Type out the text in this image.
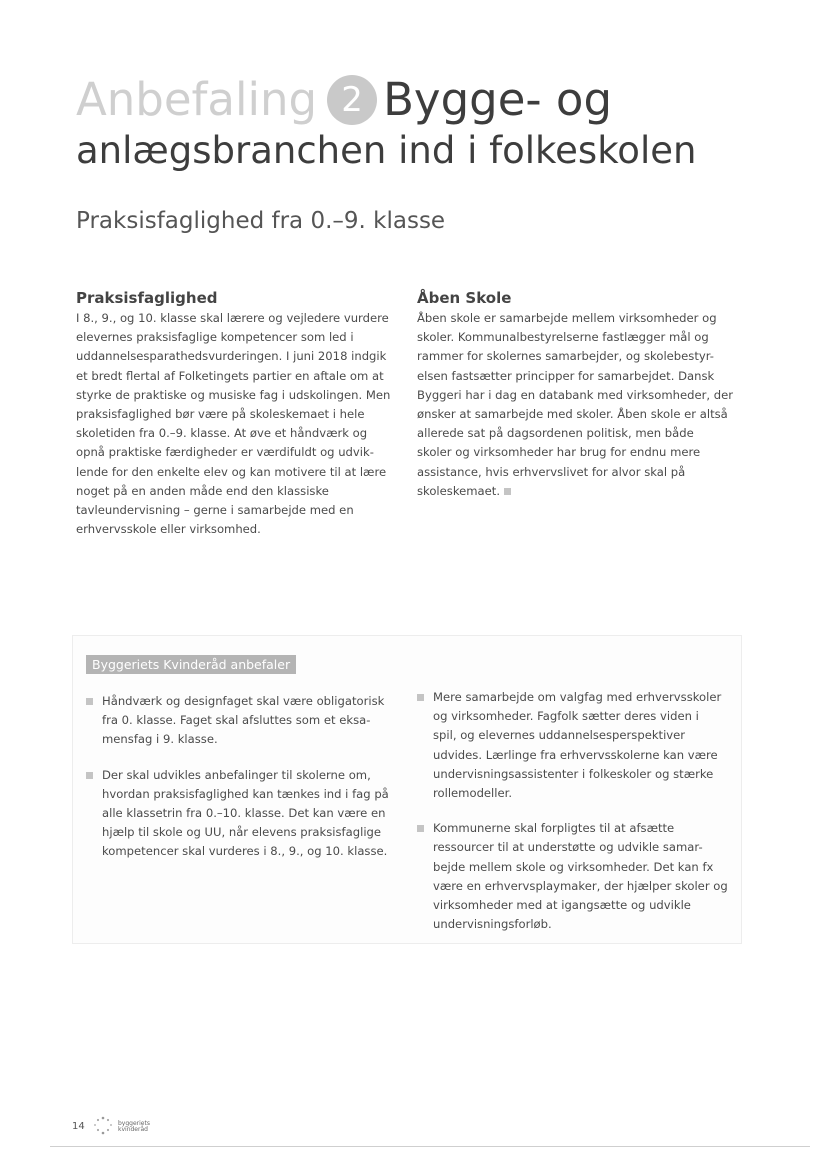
Anbefaling 2 Bygge- og
anlægsbranchen ind i folkeskolen
Praksisfaglighed fra 0.–9. klasse
Praksisfaglighed
I 8., 9., og 10. klasse skal lærere og vejledere vurdere
elevernes praksisfaglige kompetencer som led i
uddannelsesparathedsvurderingen. I juni 2018 indgik
et bredt flertal af Folketingets partier en aftale om at
styrke de praktiske og musiske fag i udskolingen. Men
praksisfaglighed bør være på skoleskemaet i hele
skoletiden fra 0.–9. klasse. At øve et håndværk og
opnå praktiske færdigheder er værdifuldt og udvik-
lende for den enkelte elev og kan motivere til at lære
noget på en anden måde end den klassiske
tavleundervisning – gerne i samarbejde med en
erhvervsskole eller virksomhed.
Åben Skole
Åben skole er samarbejde mellem virksomheder og
skoler. Kommunalbestyrelserne fastlægger mål og
rammer for skolernes samarbejder, og skolebestyr-
elsen fastsætter principper for samarbejdet. Dansk
Byggeri har i dag en databank med virksomheder, der
ønsker at samarbejde med skoler. Åben skole er altså
allerede sat på dagsordenen politisk, men både
skoler og virksomheder har brug for endnu mere
assistance, hvis erhvervslivet for alvor skal på
skoleskemaet.
Byggeriets Kvinderåd anbefaler
Håndværk og designfaget skal være obligatorisk
fra 0. klasse. Faget skal afsluttes som et eksa-
mensfag i 9. klasse.
Der skal udvikles anbefalinger til skolerne om,
hvordan praksisfaglighed kan tænkes ind i fag på
alle klassetrin fra 0.–10. klasse. Det kan være en
hjælp til skole og UU, når elevens praksisfaglige
kompetencer skal vurderes i 8., 9., og 10. klasse.
Mere samarbejde om valgfag med erhvervsskoler
og virksomheder. Fagfolk sætter deres viden i
spil, og elevernes uddannelsesperspektiver
udvides. Lærlinge fra erhvervsskolerne kan være
undervisningsassistenter i folkeskoler og stærke
rollemodeller.
Kommunerne skal forpligtes til at afsætte
ressourcer til at understøtte og udvikle samar-
bejde mellem skole og virksomheder. Det kan fx
være en erhvervsplaymaker, der hjælper skoler og
virksomheder med at igangsætte og udvikle
undervisningsforløb.
14	byggeriets
kvinderåd
